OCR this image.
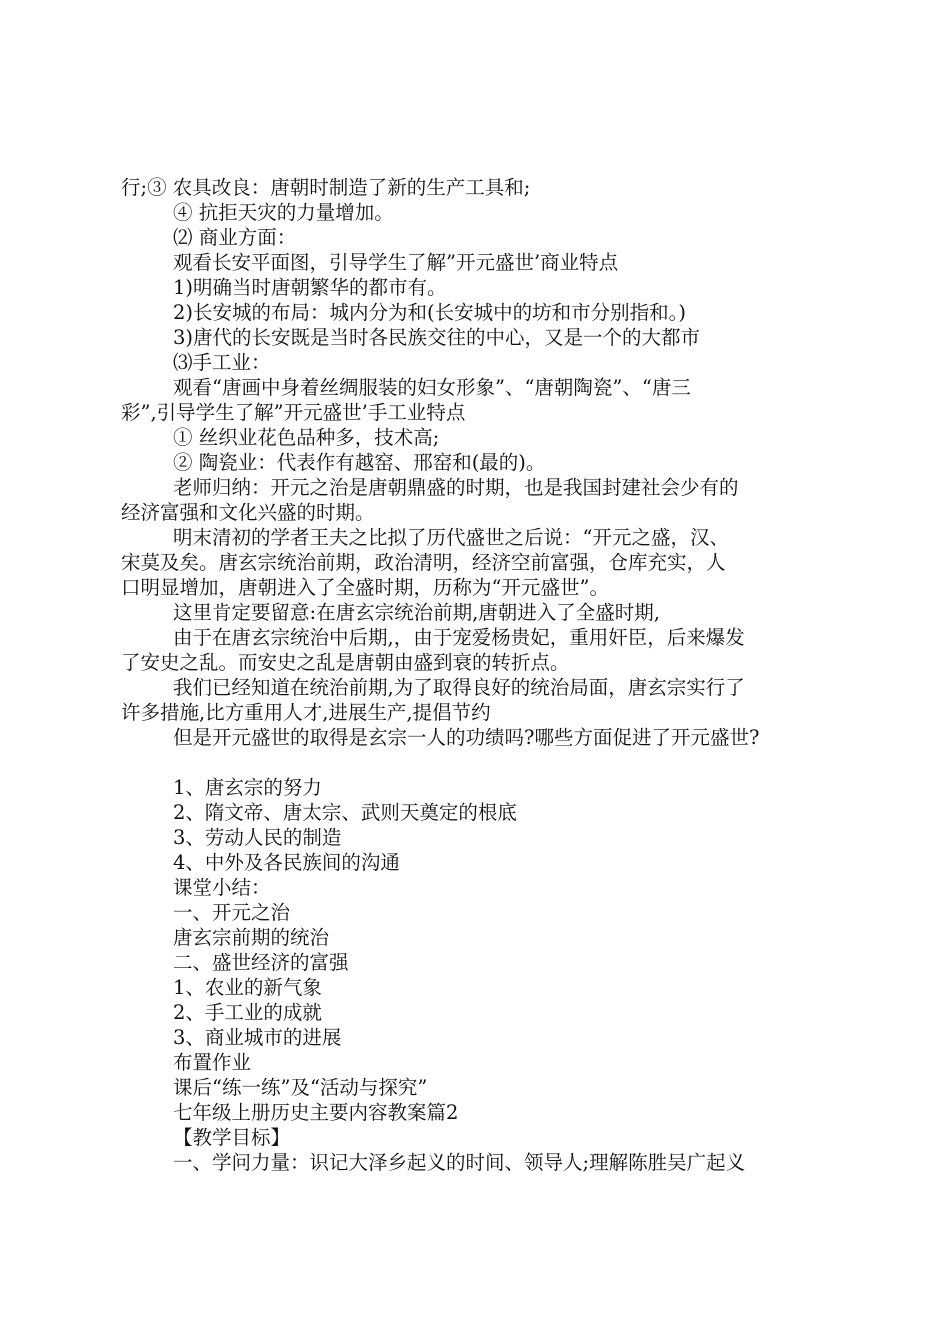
行;③ 农具改良：唐朝时制造了新的生产工具和;
④ 抗拒天灾的力量增加。
⑵ 商业方面：
观看长安平面图，引导学生了解”开元盛世’商业特点
1)明确当时唐朝繁华的都市有。
2)长安城的布局：城内分为和(长安城中的坊和市分别指和。)
3)唐代的长安既是当时各民族交往的中心，又是一个的大都市
⑶手工业：
观看“唐画中身着丝绸服装的妇女形象”、“唐朝陶瓷”、“唐三
彩”,引导学生了解”开元盛世’手工业特点
① 丝织业花色品种多，技术高;
② 陶瓷业：代表作有越窑、邢窑和(最的)。
老师归纳：开元之治是唐朝鼎盛的时期，也是我国封建社会少有的
经济富强和文化兴盛的时期。
明末清初的学者王夫之比拟了历代盛世之后说：“开元之盛，汉、
宋莫及矣。唐玄宗统治前期，政治清明，经济空前富强，仓库充实，人
口明显增加，唐朝进入了全盛时期，历称为“开元盛世”。
这里肯定要留意:在唐玄宗统治前期,唐朝进入了全盛时期,
由于在唐玄宗统治中后期,，由于宠爱杨贵妃，重用奸臣，后来爆发
了安史之乱。而安史之乱是唐朝由盛到衰的转折点。
我们已经知道在统治前期,为了取得良好的统治局面，唐玄宗实行了
许多措施,比方重用人才,进展生产,提倡节约
但是开元盛世的取得是玄宗一人的功绩吗?哪些方面促进了开元盛世?
1、唐玄宗的努力
2、隋文帝、唐太宗、武则天奠定的根底
3、劳动人民的制造
4、中外及各民族间的沟通
课堂小结：
一、开元之治
唐玄宗前期的统治
二、盛世经济的富强
1、农业的新气象
2、手工业的成就
3、商业城市的进展
布置作业
课后“练一练”及“活动与探究”
七年级上册历史主要内容教案篇2
【教学目标】
一、学问力量：识记大泽乡起义的时间、领导人;理解陈胜吴广起义
